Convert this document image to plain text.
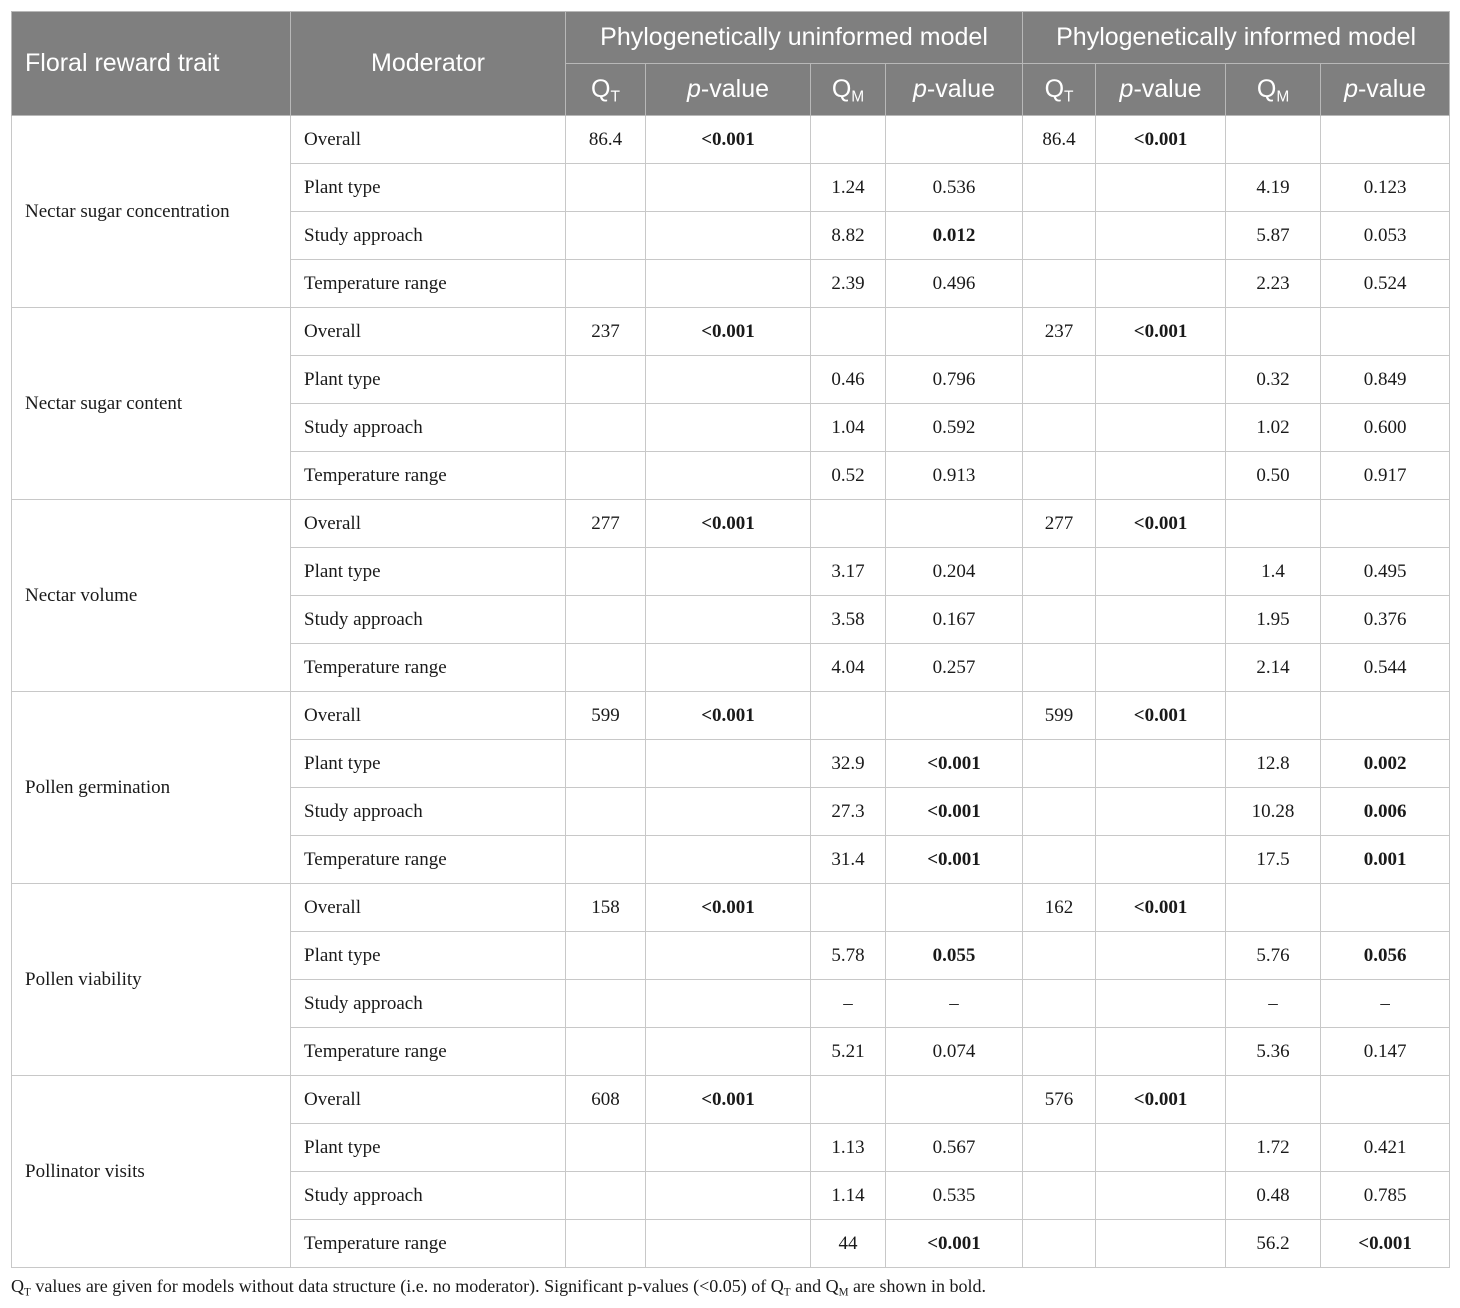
Floral reward trait	Moderator	Phylogenetically uninformed model				Phylogenetically informed model			
		$Q_T$	p-value	$Q_M$	p-value	$Q_T$	p-value	$Q_M$	p-value
Nectar sugar concentration	Overall	86.4	<0.001			86.4	<0.001		
	Plant type			1.24	0.536			4.19	0.123
	Study approach			8.82	0.012			5.87	0.053
	Temperature range			2.39	0.496			2.23	0.524
Nectar sugar content	Overall	237	<0.001			237	<0.001		
	Plant type			0.46	0.796			0.32	0.849
	Study approach			1.04	0.592			1.02	0.600
	Temperature range			0.52	0.913			0.50	0.917
Nectar volume	Overall	277	<0.001			277	<0.001		
	Plant type			3.17	0.204			1.4	0.495
	Study approach			3.58	0.167			1.95	0.376
	Temperature range			4.04	0.257			2.14	0.544
Pollen germination	Overall	599	<0.001			599	<0.001		
	Plant type			32.9	<0.001			12.8	0.002
	Study approach			27.3	<0.001			10.28	0.006
	Temperature range			31.4	<0.001			17.5	0.001
Pollen viability	Overall	158	<0.001			162	<0.001		
	Plant type			5.78	0.055			5.76	0.056
	Study approach			–	–			–	–
	Temperature range			5.21	0.074			5.36	0.147
Pollinator visits	Overall	608	<0.001			576	<0.001		
	Plant type			1.13	0.567			1.72	0.421
	Study approach			1.14	0.535			0.48	0.785
	Temperature range			44	<0.001			56.2	<0.001
$Q_T$ values are given for models without data structure (i.e. no moderator). Significant p-values (<0.05) of $Q_T$ and $Q_M$ are shown in bold.
